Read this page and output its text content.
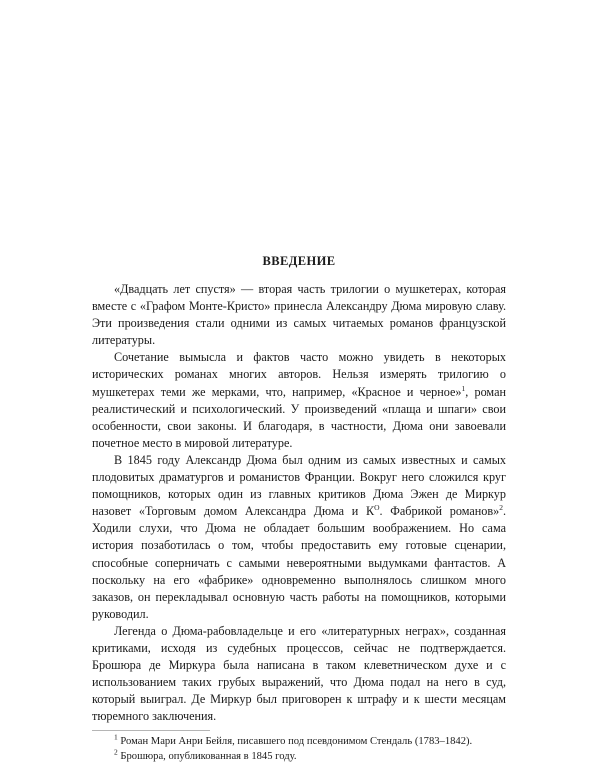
ВВЕДЕНИЕ

«Двадцать лет спустя» — вторая часть трилогии о мушкетерах, которая вместе с «Графом Монте-Кристо» принесла Александру Дюма мировую славу. Эти произведения стали одними из самых читаемых романов французской литературы.

Сочетание вымысла и фактов часто можно увидеть в некоторых исторических романах многих авторов. Нельзя измерять трилогию о мушкетерах теми же мерками, что, например, «Красное и черное»$^1$, роман реалистический и психологический. У произведений «плаща и шпаги» свои особенности, свои законы. И благодаря, в частности, Дюма они завоевали почетное место в мировой литературе.

В 1845 году Александр Дюма был одним из самых известных и самых плодовитых драматургов и романистов Франции. Вокруг него сложился круг помощников, которых один из главных критиков Дюма Эжен де Миркур назовет «Торговым домом Александра Дюма и $К^О$. Фабрикой романов»$^2$. Ходили слухи, что Дюма не обладает большим воображением. Но сама история позаботилась о том, чтобы предоставить ему готовые сценарии, способные соперничать с самыми невероятными выдумками фантастов. А поскольку на его «фабрике» одновременно выполнялось слишком много заказов, он перекладывал основную часть работы на помощников, которыми руководил.

Легенда о Дюма-рабовладельце и его «литературных неграх», созданная критиками, исходя из судебных процессов, сейчас не подтверждается. Брошюра де Миркура была написана в таком клеветническом духе и с использованием таких грубых выражений, что Дюма подал на него в суд, который выиграл. Де Миркур был приговорен к штрафу и к шести месяцам тюремного заключения.

$^1$ Роман Мари Анри Бейля, писавшего под псевдонимом Стендаль (1783–1842).

$^2$ Брошюра, опубликованная в 1845 году.
